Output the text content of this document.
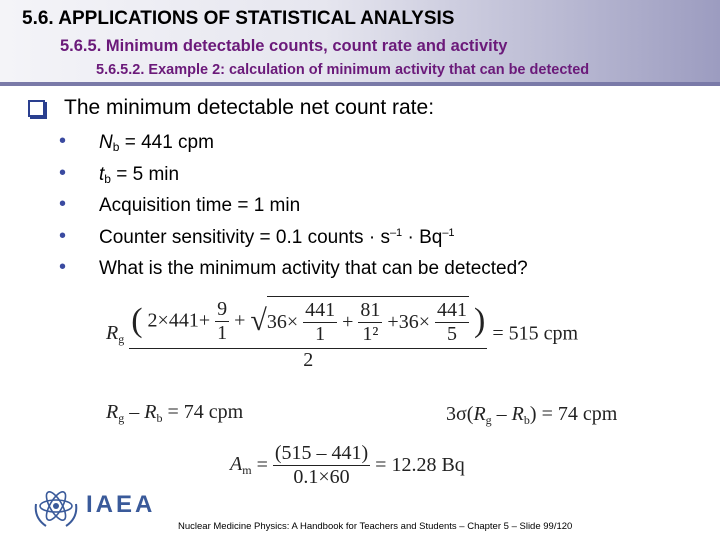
5.6. APPLICATIONS OF STATISTICAL ANALYSIS
5.6.5. Minimum detectable counts, count rate and activity
5.6.5.2. Example 2: calculation of minimum activity that can be detected
The minimum detectable net count rate:
• $N_b = 441$ cpm
• $t_b = 5$ min
• Acquisition time = 1 min
• Counter sensitivity = 0.1 counts · $s^{-1} \cdot Bq^{-1}$
• What is the minimum activity that can be detected?
$R_g$ ( $2\times 441+ \frac{9}{1} + √36\times \frac{441}{1} + \frac{81}{\text{1²}} +36\times \frac{441}{5}$ )
2
= 515 cpm
$R_g - R_b = 74$ cpm	$3\sigma(R_g - R_b) = 74$ cpm
$A_m = \frac{(515 - 441)}{0.1\times 60} = 12.28$ Bq
IAEA
Nuclear Medicine Physics: A Handbook for Teachers and Students – Chapter 5 – Slide 99/120
